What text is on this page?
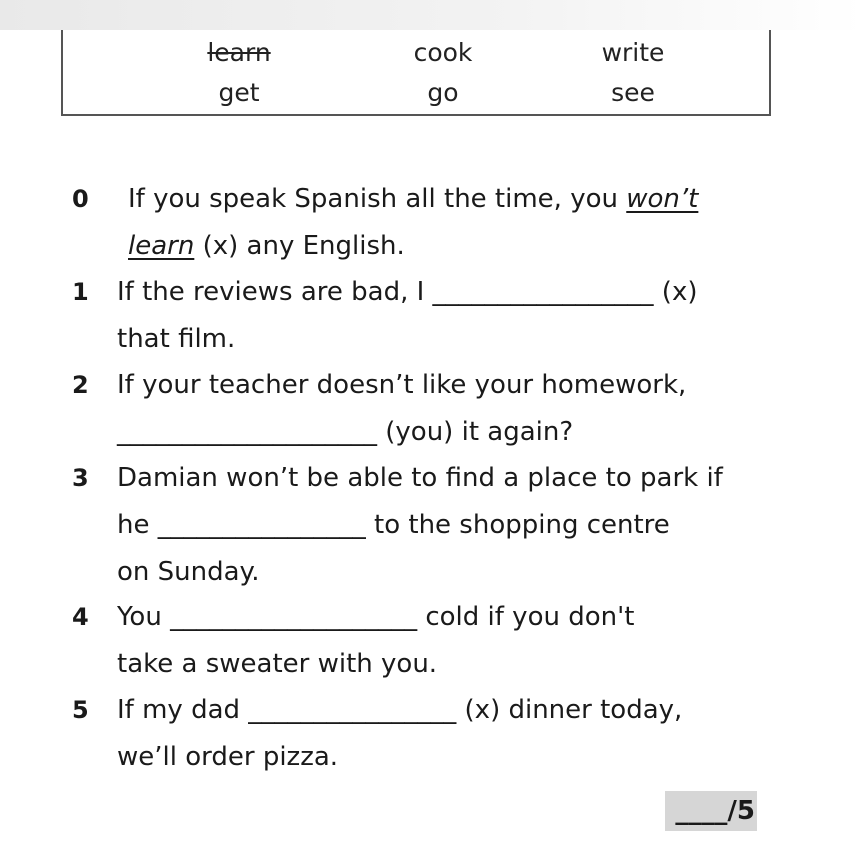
learn	cook	write
get	go	see
0 If you speak Spanish all the time, you won’t
learn (x) any English.
1 If the reviews are bad, I _________________ (x)
that film.
2 If your teacher doesn’t like your homework,
____________________ (you) it again?
3 Damian won’t be able to find a place to park if
he ________________ to the shopping centre
on Sunday.
4 You ___________________ cold if you don't
take a sweater with you.
5 If my dad ________________ (x) dinner today,
we’ll order pizza.
____/5
